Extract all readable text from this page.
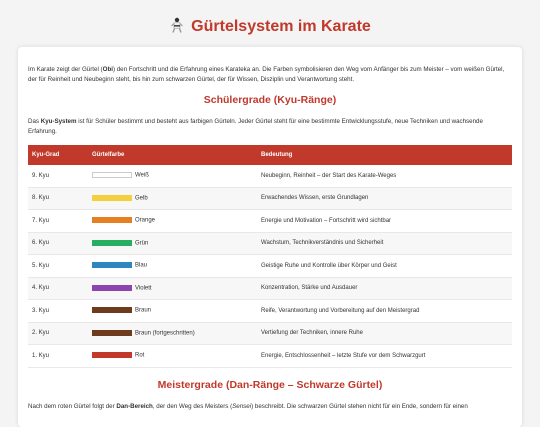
Gürtelsystem im Karate

Im Karate zeigt der Gürtel (Obi) den Fortschritt und die Erfahrung eines Karateka an. Die Farben symbolisieren den Weg vom Anfänger bis zum Meister – vom weißen Gürtel, der für Reinheit und Neubeginn steht, bis hin zum schwarzen Gürtel, der für Wissen, Disziplin und Verantwortung steht.

Schülergrade (Kyu-Ränge)

Das Kyu-System ist für Schüler bestimmt und besteht aus farbigen Gürteln. Jeder Gürtel steht für eine bestimmte Entwicklungsstufe, neue Techniken und wachsende Erfahrung.

Kyu-Grad	Gürtelfarbe	Bedeutung
9. Kyu	Weiß	Neubeginn, Reinheit – der Start des Karate-Weges
8. Kyu	Gelb	Erwachendes Wissen, erste Grundlagen
7. Kyu	Orange	Energie und Motivation – Fortschritt wird sichtbar
6. Kyu	Grün	Wachstum, Technikverständnis und Sicherheit
5. Kyu	Blau	Geistige Ruhe und Kontrolle über Körper und Geist
4. Kyu	Violett	Konzentration, Stärke und Ausdauer
3. Kyu	Braun	Reife, Verantwortung und Vorbereitung auf den Meistergrad
2. Kyu	Braun (fortgeschritten)	Vertiefung der Techniken, innere Ruhe
1. Kyu	Rot	Energie, Entschlossenheit – letzte Stufe vor dem Schwarzgurt
Meistergrade (Dan-Ränge – Schwarze Gürtel)

Nach dem roten Gürtel folgt der Dan-Bereich, der den Weg des Meisters (Sensei) beschreibt. Die schwarzen Gürtel stehen nicht für ein Ende, sondern für einen
